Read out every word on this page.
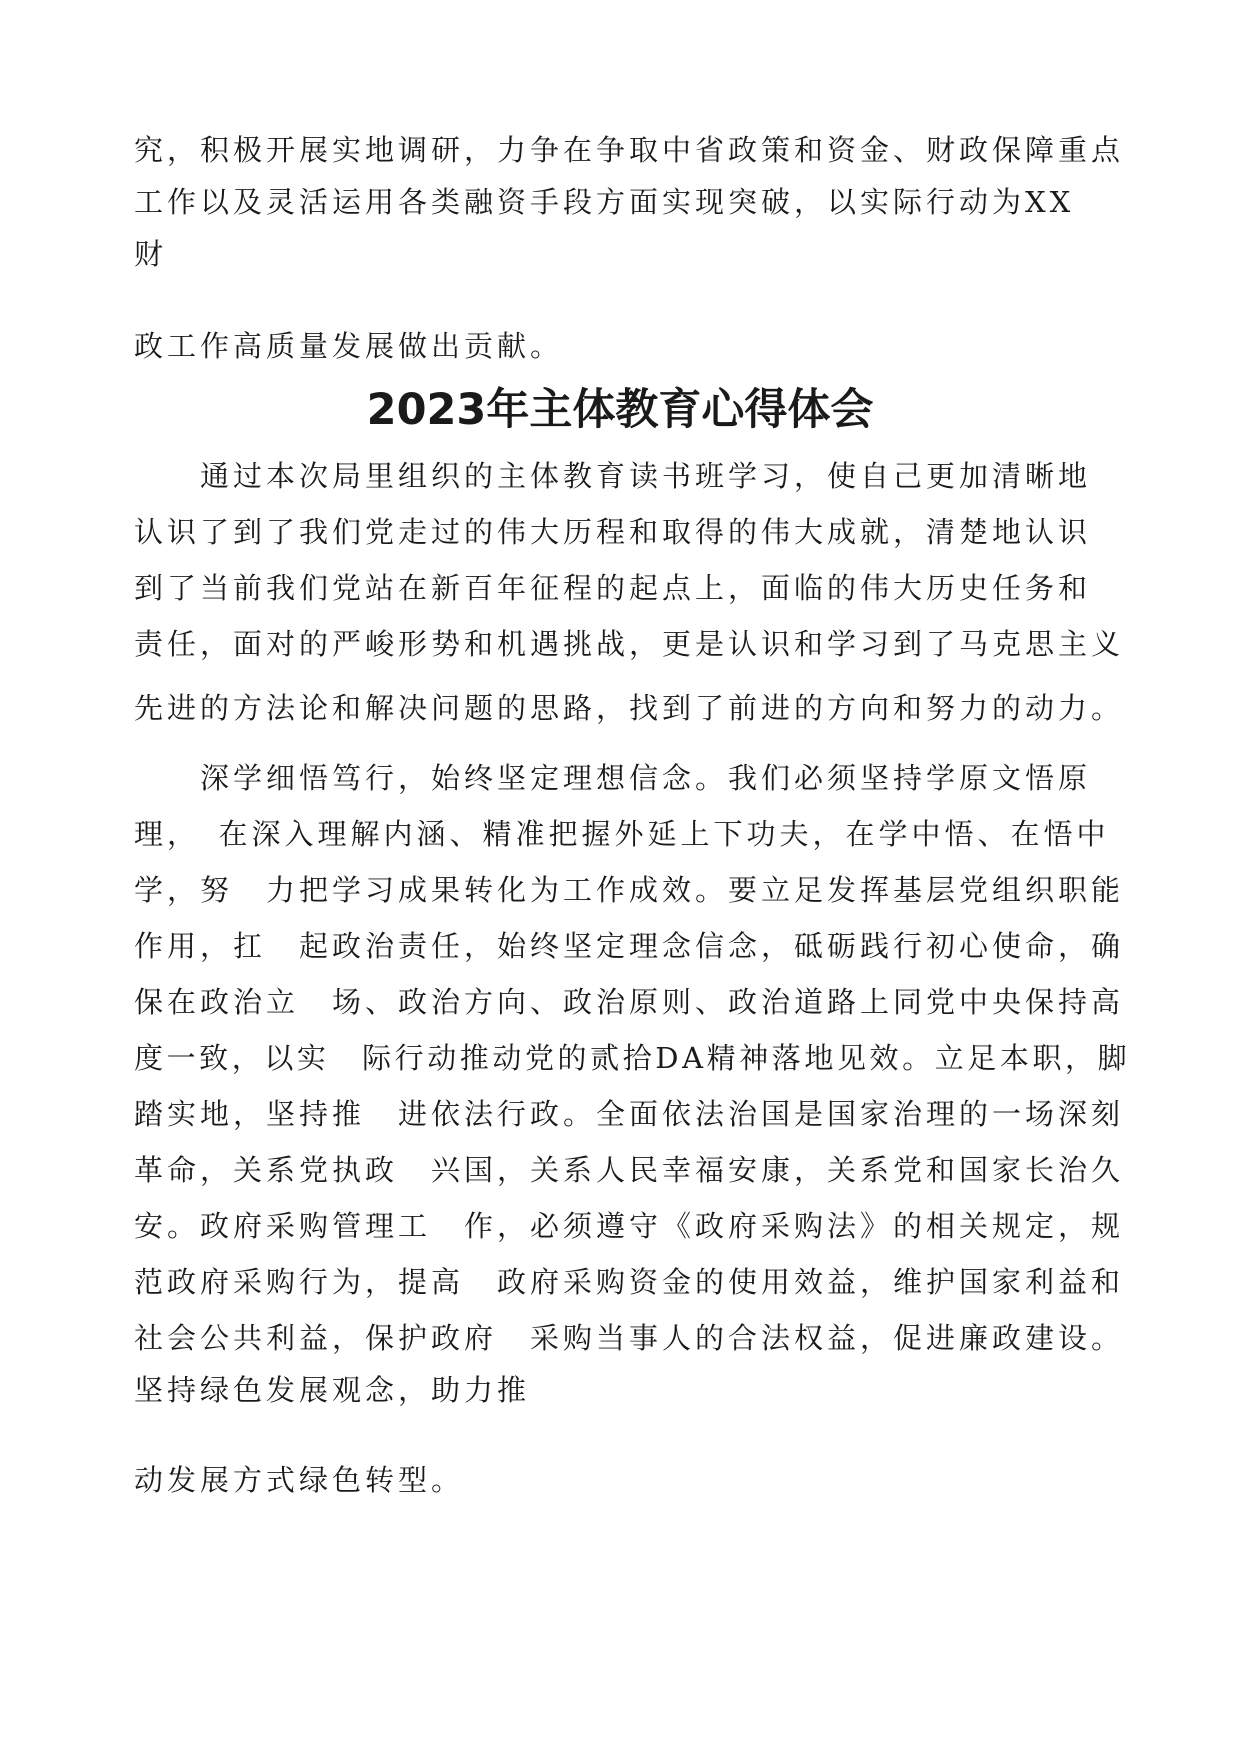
究，积极开展实地调研，力争在争取中省政策和资金、财政保障重点

工作以及灵活运用各类融资手段方面实现突破，以实际行动为XX

财

政工作高质量发展做出贡献。

2023年主体教育心得体会

　　通过本次局里组织的主体教育读书班学习，使自己更加清晰地

认识了到了我们党走过的伟大历程和取得的伟大成就，清楚地认识

到了当前我们党站在新百年征程的起点上，面临的伟大历史任务和

责任，面对的严峻形势和机遇挑战，更是认识和学习到了马克思主义

先进的方法论和解决问题的思路，找到了前进的方向和努力的动力。

　　深学细悟笃行，始终坚定理想信念。我们必须坚持学原文悟原

理，　在深入理解内涵、精准把握外延上下功夫，在学中悟、在悟中

学，努　力把学习成果转化为工作成效。要立足发挥基层党组织职能

作用，扛　起政治责任，始终坚定理念信念，砥砺践行初心使命，确

保在政治立　场、政治方向、政治原则、政治道路上同党中央保持高

度一致，以实　际行动推动党的贰拾DA精神落地见效。立足本职，脚

踏实地，坚持推　进依法行政。全面依法治国是国家治理的一场深刻

革命，关系党执政　兴国，关系人民幸福安康，关系党和国家长治久

安。政府采购管理工　作，必须遵守《政府采购法》的相关规定，规

范政府采购行为，提高　政府采购资金的使用效益，维护国家利益和

社会公共利益，保护政府　采购当事人的合法权益，促进廉政建设。

坚持绿色发展观念，助力推

动发展方式绿色转型。
